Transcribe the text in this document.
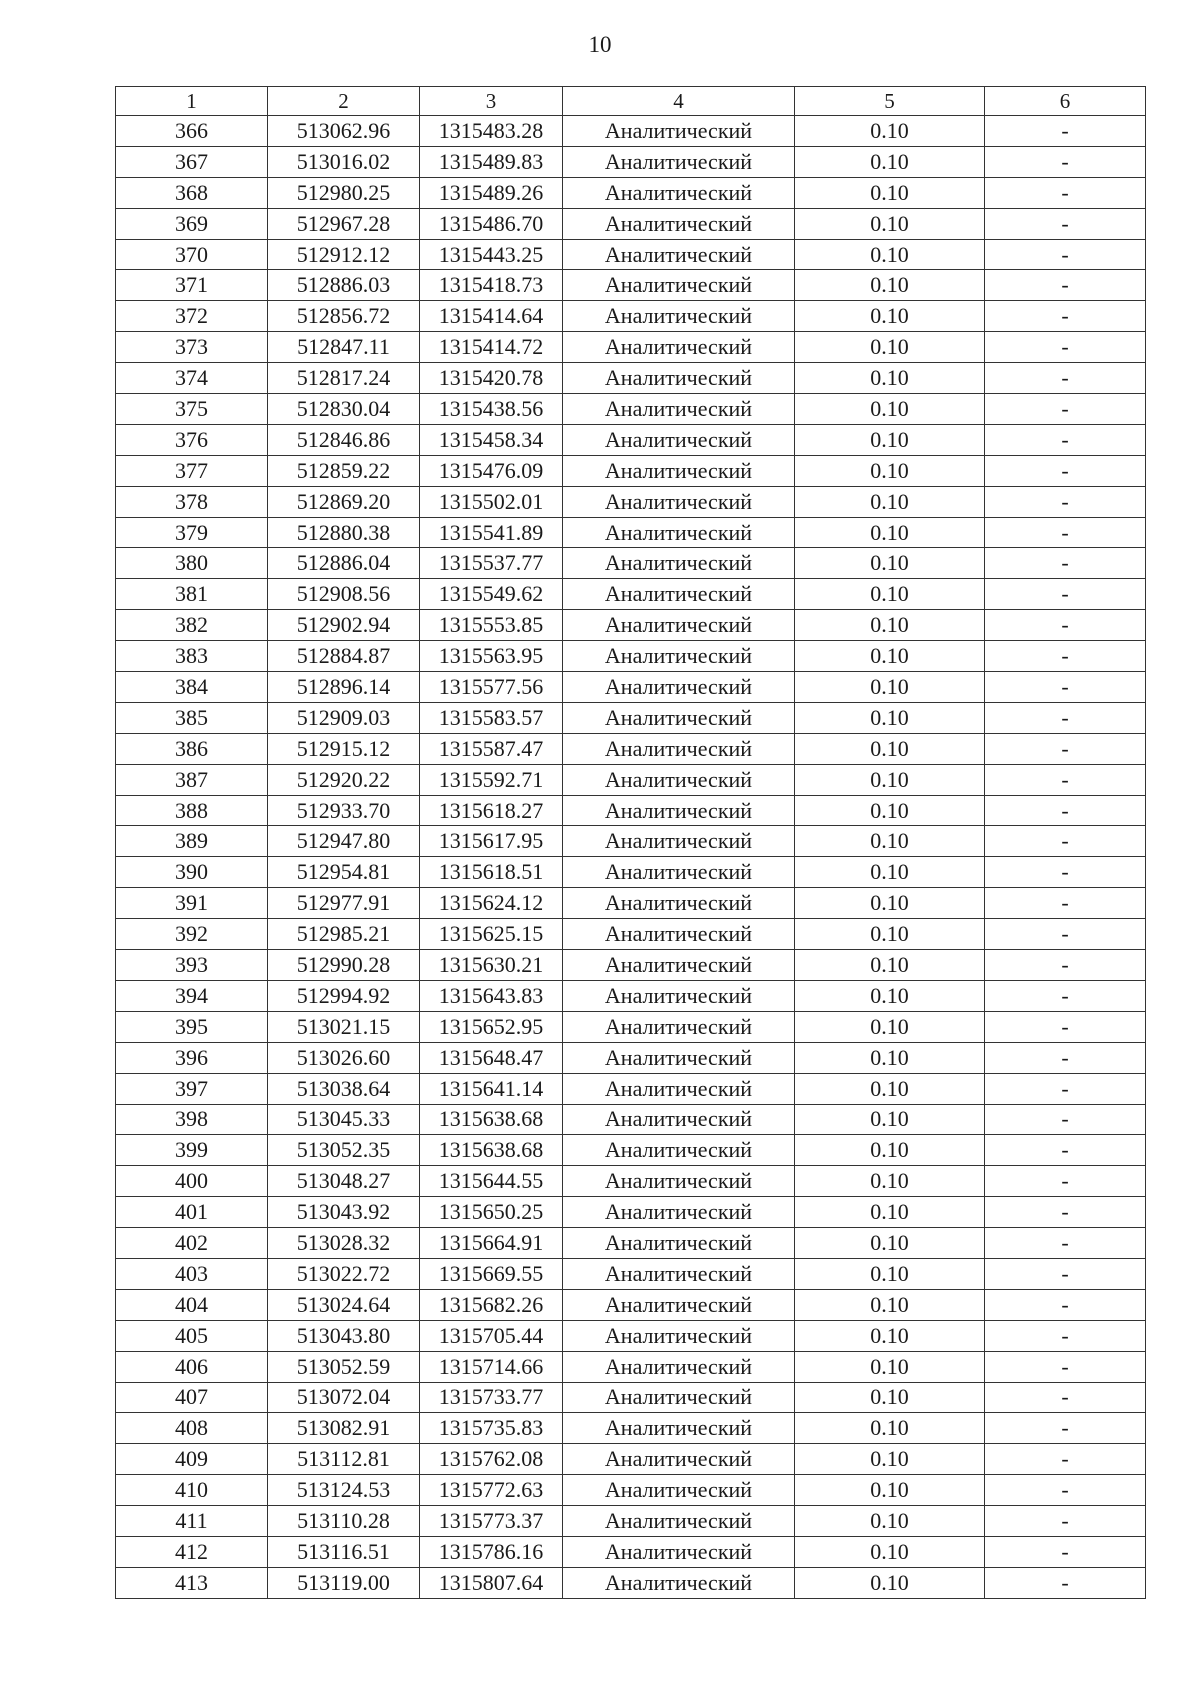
10
1	2	3	4	5	6
366	513062.96	1315483.28	Аналитический	0.10	-
367	513016.02	1315489.83	Аналитический	0.10	-
368	512980.25	1315489.26	Аналитический	0.10	-
369	512967.28	1315486.70	Аналитический	0.10	-
370	512912.12	1315443.25	Аналитический	0.10	-
371	512886.03	1315418.73	Аналитический	0.10	-
372	512856.72	1315414.64	Аналитический	0.10	-
373	512847.11	1315414.72	Аналитический	0.10	-
374	512817.24	1315420.78	Аналитический	0.10	-
375	512830.04	1315438.56	Аналитический	0.10	-
376	512846.86	1315458.34	Аналитический	0.10	-
377	512859.22	1315476.09	Аналитический	0.10	-
378	512869.20	1315502.01	Аналитический	0.10	-
379	512880.38	1315541.89	Аналитический	0.10	-
380	512886.04	1315537.77	Аналитический	0.10	-
381	512908.56	1315549.62	Аналитический	0.10	-
382	512902.94	1315553.85	Аналитический	0.10	-
383	512884.87	1315563.95	Аналитический	0.10	-
384	512896.14	1315577.56	Аналитический	0.10	-
385	512909.03	1315583.57	Аналитический	0.10	-
386	512915.12	1315587.47	Аналитический	0.10	-
387	512920.22	1315592.71	Аналитический	0.10	-
388	512933.70	1315618.27	Аналитический	0.10	-
389	512947.80	1315617.95	Аналитический	0.10	-
390	512954.81	1315618.51	Аналитический	0.10	-
391	512977.91	1315624.12	Аналитический	0.10	-
392	512985.21	1315625.15	Аналитический	0.10	-
393	512990.28	1315630.21	Аналитический	0.10	-
394	512994.92	1315643.83	Аналитический	0.10	-
395	513021.15	1315652.95	Аналитический	0.10	-
396	513026.60	1315648.47	Аналитический	0.10	-
397	513038.64	1315641.14	Аналитический	0.10	-
398	513045.33	1315638.68	Аналитический	0.10	-
399	513052.35	1315638.68	Аналитический	0.10	-
400	513048.27	1315644.55	Аналитический	0.10	-
401	513043.92	1315650.25	Аналитический	0.10	-
402	513028.32	1315664.91	Аналитический	0.10	-
403	513022.72	1315669.55	Аналитический	0.10	-
404	513024.64	1315682.26	Аналитический	0.10	-
405	513043.80	1315705.44	Аналитический	0.10	-
406	513052.59	1315714.66	Аналитический	0.10	-
407	513072.04	1315733.77	Аналитический	0.10	-
408	513082.91	1315735.83	Аналитический	0.10	-
409	513112.81	1315762.08	Аналитический	0.10	-
410	513124.53	1315772.63	Аналитический	0.10	-
411	513110.28	1315773.37	Аналитический	0.10	-
412	513116.51	1315786.16	Аналитический	0.10	-
413	513119.00	1315807.64	Аналитический	0.10	-
